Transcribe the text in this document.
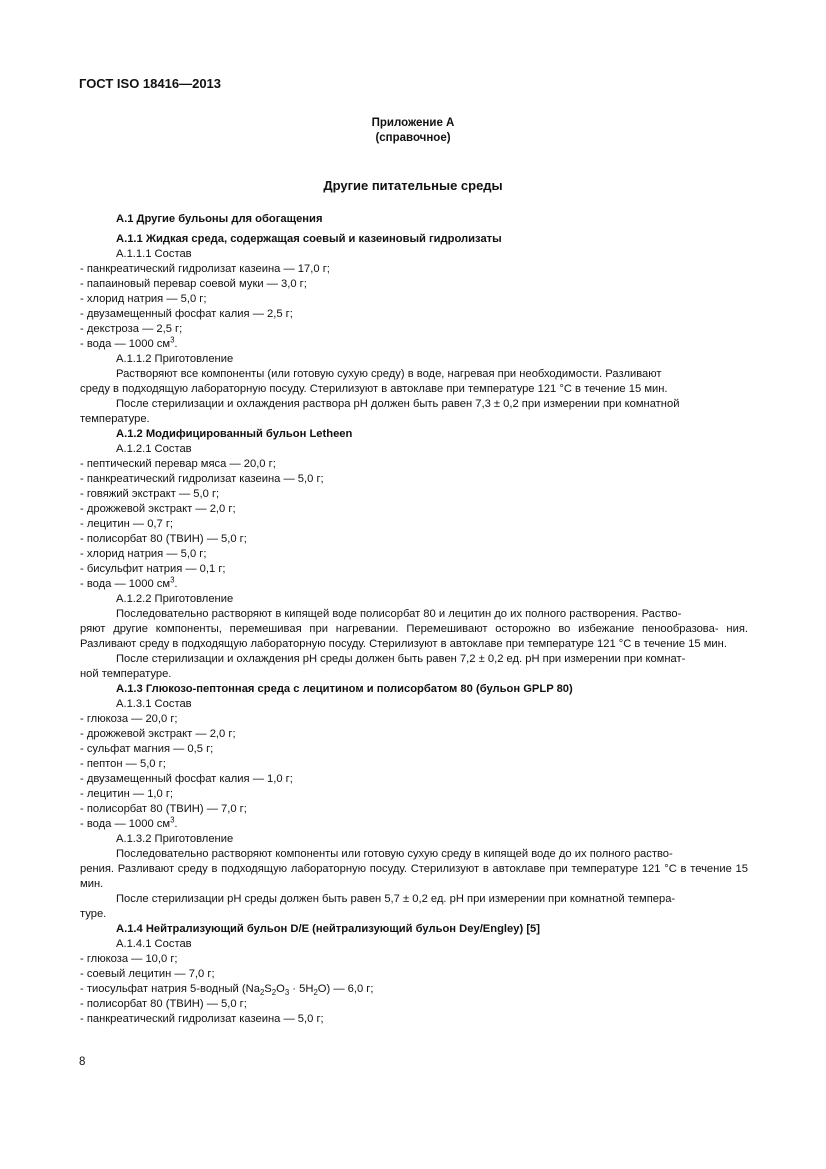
ГОСТ ISO 18416—2013
Приложение А
(справочное)
Другие питательные среды
А.1 Другие бульоны для обогащения
А.1.1 Жидкая среда, содержащая соевый и казеиновый гидролизаты
А.1.1.1 Состав
- панкреатический гидролизат казеина — 17,0 г;
- папаиновый перевар соевой муки — 3,0 г;
- хлорид натрия — 5,0 г;
- двузамещенный фосфат калия — 2,5 г;
- декстроза — 2,5 г;
- вода — 1000 $см^3$.
А.1.1.2 Приготовление
Растворяют все компоненты (или готовую сухую среду) в воде, нагревая при необходимости. Разливают
среду в подходящую лабораторную посуду. Стерилизуют в автоклаве при температуре 121 °С в течение 15 мин.
После стерилизации и охлаждения раствора pH должен быть равен 7,3 ± 0,2 при измерении при комнатной
температуре.
А.1.2 Модифицированный бульон Letheen
А.1.2.1 Состав
- пептический перевар мяса — 20,0 г;
- панкреатический гидролизат казеина — 5,0 г;
- говяжий экстракт — 5,0 г;
- дрожжевой экстракт — 2,0 г;
- лецитин — 0,7 г;
- полисорбат 80 (ТВИН) — 5,0 г;
- хлорид натрия — 5,0 г;
- бисульфит натрия — 0,1 г;
- вода — 1000 $см^3$.
А.1.2.2 Приготовление
Последовательно растворяют в кипящей воде полисорбат 80 и лецитин до их полного растворения. Раство-
ряют другие компоненты, перемешивая при нагревании. Перемешивают осторожно во избежание пенообразова- ния. Разливают среду в подходящую лабораторную посуду. Стерилизуют в автоклаве при температуре 121 °С в течение 15 мин.
После стерилизации и охлаждения pH среды должен быть равен 7,2 ± 0,2 ед. pH при измерении при комнат-
ной температуре.
А.1.3 Глюкозо-пептонная среда с лецитином и полисорбатом 80 (бульон GPLP 80)
А.1.3.1 Состав
- глюкоза — 20,0 г;
- дрожжевой экстракт — 2,0 г;
- сульфат магния — 0,5 г;
- пептон — 5,0 г;
- двузамещенный фосфат калия — 1,0 г;
- лецитин — 1,0 г;
- полисорбат 80 (ТВИН) — 7,0 г;
- вода — 1000 $см^3$.
А.1.3.2 Приготовление
Последовательно растворяют компоненты или готовую сухую среду в кипящей воде до их полного раство-
рения. Разливают среду в подходящую лабораторную посуду. Стерилизуют в автоклаве при температуре 121 °С в течение 15 мин.
После стерилизации pH среды должен быть равен 5,7 ± 0,2 ед. pH при измерении при комнатной темпера-
туре.
А.1.4 Нейтрализующий бульон D/E (нейтрализующий бульон Dey/Engley) [5]
А.1.4.1 Состав
- глюкоза — 10,0 г;
- соевый лецитин — 7,0 г;
- тиосульфат натрия 5-водный $(Na_2S_2O_3 \cdot 5H_2O)$ — 6,0 г;
- полисорбат 80 (ТВИН) — 5,0 г;
- панкреатический гидролизат казеина — 5,0 г;
8
